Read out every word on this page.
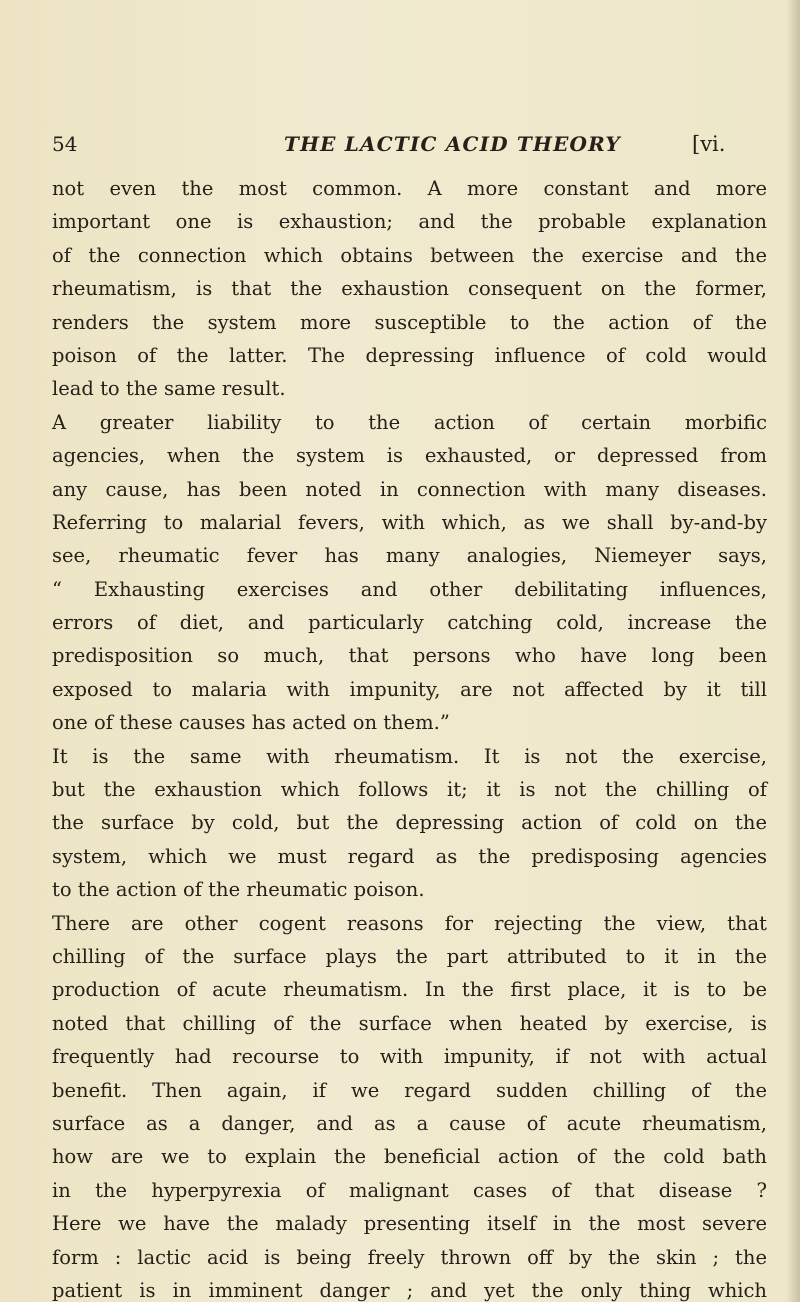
54	THE LACTIC ACID THEORY	[vi.
not even the most common. A more constant and more
important one is exhaustion; and the probable explanation
of the connection which obtains between the exercise and the
rheumatism, is that the exhaustion consequent on the former,
renders the system more susceptible to the action of the
poison of the latter. The depressing influence of cold would
lead to the same result.
A greater liability to the action of certain morbific
agencies, when the system is exhausted, or depressed from
any cause, has been noted in connection with many diseases.
Referring to malarial fevers, with which, as we shall by-and-by
see, rheumatic fever has many analogies, Niemeyer says,
“ Exhausting exercises and other debilitating influences,
errors of diet, and particularly catching cold, increase the
predisposition so much, that persons who have long been
exposed to malaria with impunity, are not affected by it till
one of these causes has acted on them.”
It is the same with rheumatism. It is not the exercise,
but the exhaustion which follows it; it is not the chilling of
the surface by cold, but the depressing action of cold on the
system, which we must regard as the predisposing agencies
to the action of the rheumatic poison.
There are other cogent reasons for rejecting the view, that
chilling of the surface plays the part attributed to it in the
production of acute rheumatism. In the first place, it is to be
noted that chilling of the surface when heated by exercise, is
frequently had recourse to with impunity, if not with actual
benefit. Then again, if we regard sudden chilling of the
surface as a danger, and as a cause of acute rheumatism,
how are we to explain the beneficial action of the cold bath
in the hyperpyrexia of malignant cases of that disease ?
Here we have the malady presenting itself in the most severe
form : lactic acid is being freely thrown off by the skin ; the
patient is in imminent danger ; and yet the only thing which
